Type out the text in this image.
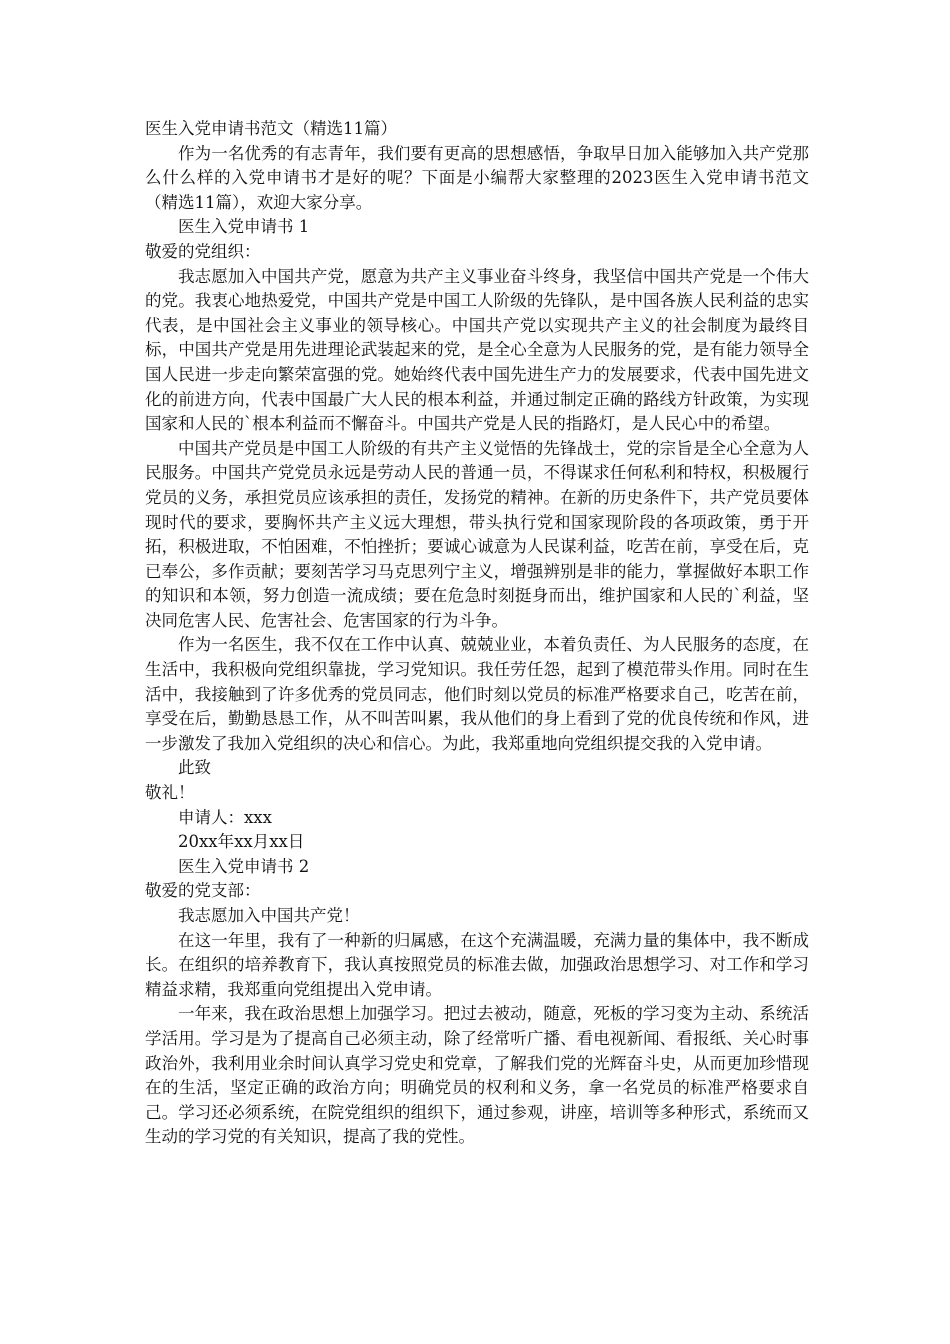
医生入党申请书范文（精选11篇）

作为一名优秀的有志青年，我们要有更高的思想感悟，争取早日加入能够加入共产党那么什么样的入党申请书才是好的呢？下面是小编帮大家整理的2023医生入党申请书范文（精选11篇），欢迎大家分享。

医生入党申请书 1

敬爱的党组织：

我志愿加入中国共产党，愿意为共产主义事业奋斗终身，我坚信中国共产党是一个伟大的党。我衷心地热爱党，中国共产党是中国工人阶级的先锋队，是中国各族人民利益的忠实代表，是中国社会主义事业的领导核心。中国共产党以实现共产主义的社会制度为最终目标，中国共产党是用先进理论武装起来的党，是全心全意为人民服务的党，是有能力领导全国人民进一步走向繁荣富强的党。她始终代表中国先进生产力的发展要求，代表中国先进文化的前进方向，代表中国最广大人民的根本利益，并通过制定正确的路线方针政策，为实现国家和人民的`根本利益而不懈奋斗。中国共产党是人民的指路灯，是人民心中的希望。

中国共产党员是中国工人阶级的有共产主义觉悟的先锋战士，党的宗旨是全心全意为人民服务。中国共产党党员永远是劳动人民的普通一员，不得谋求任何私利和特权，积极履行党员的义务，承担党员应该承担的责任，发扬党的精神。在新的历史条件下，共产党员要体现时代的要求，要胸怀共产主义远大理想，带头执行党和国家现阶段的各项政策，勇于开拓，积极进取，不怕困难，不怕挫折；要诚心诚意为人民谋利益，吃苦在前，享受在后，克已奉公，多作贡献；要刻苦学习马克思列宁主义，增强辨别是非的能力，掌握做好本职工作的知识和本领，努力创造一流成绩；要在危急时刻挺身而出，维护国家和人民的`利益，坚决同危害人民、危害社会、危害国家的行为斗争。

作为一名医生，我不仅在工作中认真、兢兢业业，本着负责任、为人民服务的态度，在生活中，我积极向党组织靠拢，学习党知识。我任劳任怨，起到了模范带头作用。同时在生活中，我接触到了许多优秀的党员同志，他们时刻以党员的标准严格要求自己，吃苦在前，享受在后，勤勤恳恳工作，从不叫苦叫累，我从他们的身上看到了党的优良传统和作风，进一步激发了我加入党组织的决心和信心。为此，我郑重地向党组织提交我的入党申请。

此致

敬礼！

申请人：xxx

20xx年xx月xx日

医生入党申请书 2

敬爱的党支部：

我志愿加入中国共产党！

在这一年里，我有了一种新的归属感，在这个充满温暖，充满力量的集体中，我不断成长。在组织的培养教育下，我认真按照党员的标准去做，加强政治思想学习、对工作和学习精益求精，我郑重向党组提出入党申请。

一年来，我在政治思想上加强学习。把过去被动，随意，死板的学习变为主动、系统活学活用。学习是为了提高自己必须主动，除了经常听广播、看电视新闻、看报纸、关心时事政治外，我利用业余时间认真学习党史和党章，了解我们党的光辉奋斗史，从而更加珍惜现在的生活，坚定正确的政治方向；明确党员的权利和义务，拿一名党员的标准严格要求自己。学习还必须系统，在院党组织的组织下，通过参观，讲座，培训等多种形式，系统而又生动的学习党的有关知识，提高了我的党性。
